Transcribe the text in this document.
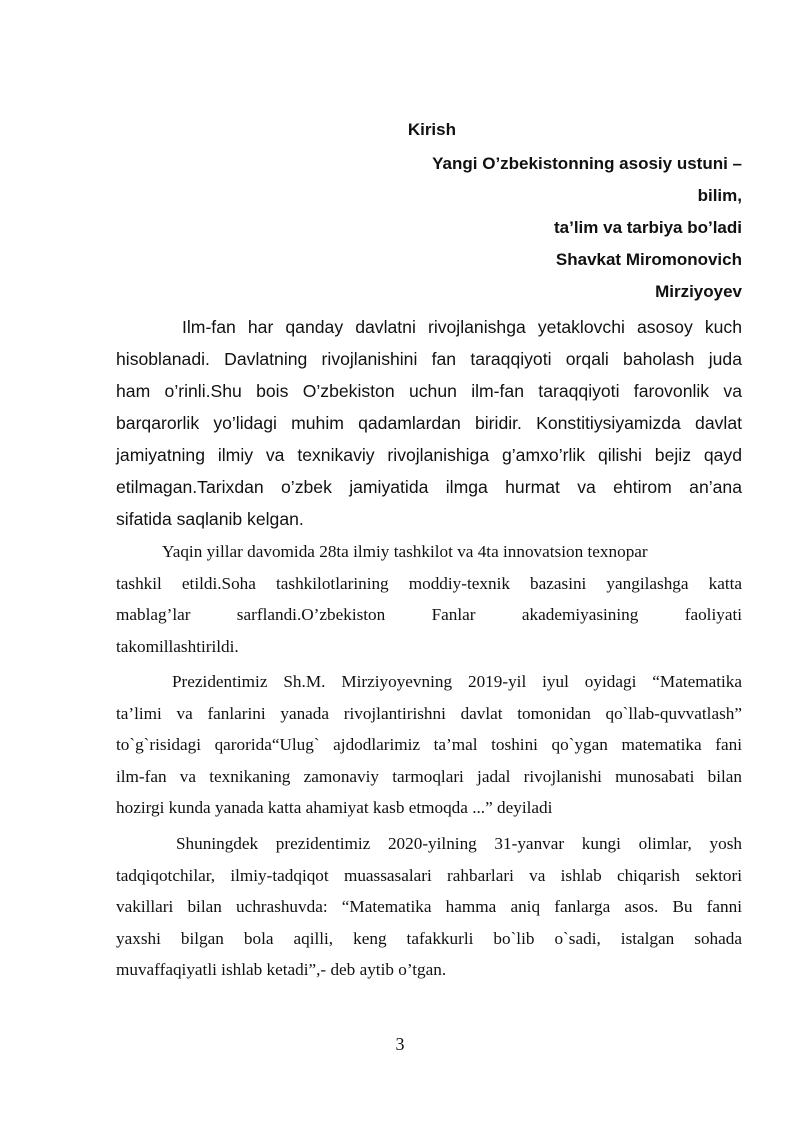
Kirish
Yangi O’zbekistonning asosiy ustuni –
bilim,
ta’lim va tarbiya bo’ladi
Shavkat Miromonovich
Mirziyoyev
Ilm-fan har qanday davlatni rivojlanishga yetaklovchi asosoy kuch
hisoblanadi. Davlatning rivojlanishini fan taraqqiyoti orqali baholash juda
ham o’rinli.Shu bois O’zbekiston uchun ilm-fan taraqqiyoti farovonlik va
barqarorlik yo’lidagi muhim qadamlardan biridir. Konstitiysiyamizda davlat
jamiyatning ilmiy va texnikaviy rivojlanishiga g’amxo’rlik qilishi bejiz qayd
etilmagan.Tarixdan o’zbek jamiyatida ilmga hurmat va ehtirom an’ana
sifatida saqlanib kelgan.
Yaqin yillar davomida 28ta ilmiy tashkilot va 4ta innovatsion texnopar
tashkil etildi.Soha tashkilotlarining moddiy-texnik bazasini yangilashga katta
mablag’lar sarflandi.O’zbekiston Fanlar akademiyasining faoliyati
takomillashtirildi.
Prezidentimiz Sh.M. Mirziyoyevning 2019-yil iyul oyidagi “Matematika
ta’limi va fanlarini yanada rivojlantirishni davlat tomonidan qo`llab-quvvatlash”
to`g`risidagi qarorida“Ulug` ajdodlarimiz ta’mal toshini qo`ygan matematika fani
ilm-fan va texnikaning zamonaviy tarmoqlari jadal rivojlanishi munosabati bilan
hozirgi kunda yanada katta ahamiyat kasb etmoqda ...” deyiladi
Shuningdek prezidentimiz 2020-yilning 31-yanvar kungi olimlar, yosh
tadqiqotchilar, ilmiy-tadqiqot muassasalari rahbarlari va ishlab chiqarish sektori
vakillari bilan uchrashuvda: “Matematika hamma aniq fanlarga asos. Bu fanni
yaxshi bilgan bola aqilli, keng tafakkurli bo`lib o`sadi, istalgan sohada
muvaffaqiyatli ishlab ketadi”,- deb aytib o’tgan.
3
